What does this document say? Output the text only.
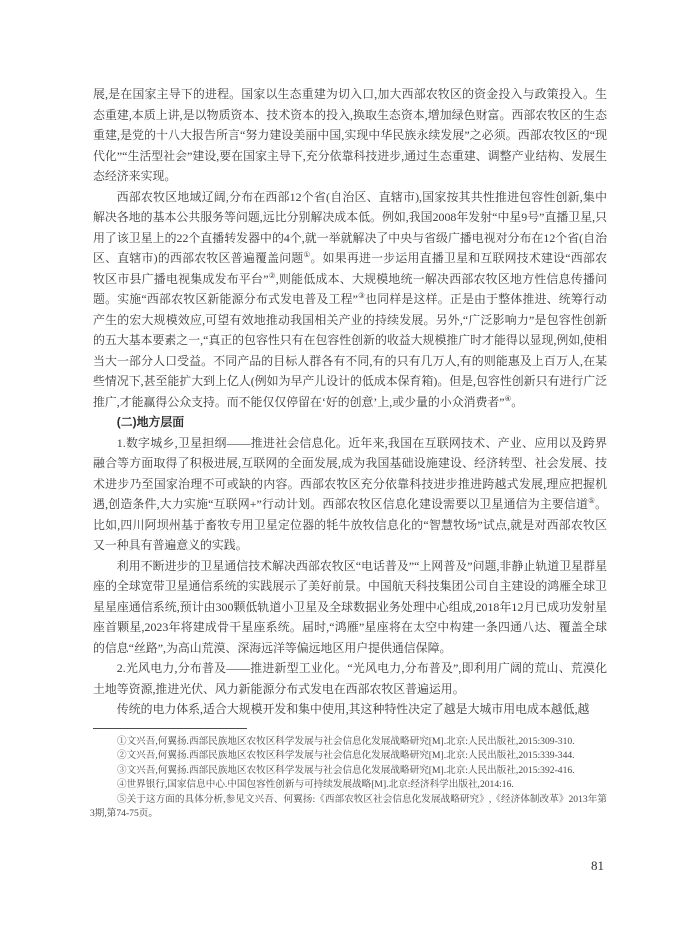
展,是在国家主导下的进程。国家以生态重建为切入口,加大西部农牧区的资金投入与政策投入。生态重建,本质上讲,是以物质资本、技术资本的投入,换取生态资本,增加绿色财富。西部农牧区的生态重建,是党的十八大报告所言“努力建设美丽中国,实现中华民族永续发展”之必须。西部农牧区的“现代化”“生活型社会”建设,要在国家主导下,充分依靠科技进步,通过生态重建、调整产业结构、发展生态经济来实现。

西部农牧区地域辽阔,分布在西部12个省(自治区、直辖市),国家按其共性推进包容性创新,集中解决各地的基本公共服务等问题,远比分别解决成本低。例如,我国2008年发射“中星9号”直播卫星,只用了该卫星上的22个直播转发器中的4个,就一举就解决了中央与省级广播电视对分布在12个省(自治区、直辖市)的西部农牧区普遍覆盖问题①。如果再进一步运用直播卫星和互联网技术建设“西部农牧区市县广播电视集成发布平台”②,则能低成本、大规模地统一解决西部农牧区地方性信息传播问题。实施“西部农牧区新能源分布式发电普及工程”③也同样是这样。正是由于整体推进、统筹行动产生的宏大规模效应,可望有效地推动我国相关产业的持续发展。另外,“广泛影响力”是包容性创新的五大基本要素之一,“真正的包容性只有在包容性创新的收益大规模推广时才能得以显现,例如,使相当大一部分人口受益。不同产品的目标人群各有不同,有的只有几万人,有的则能惠及上百万人,在某些情况下,甚至能扩大到上亿人(例如为早产儿设计的低成本保育箱)。但是,包容性创新只有进行广泛推广,才能赢得公众支持。而不能仅仅停留在‘好的创意’上,或少量的小众消费者”④。

(二)地方层面

1.数字城乡,卫星担纲——推进社会信息化。近年来,我国在互联网技术、产业、应用以及跨界融合等方面取得了积极进展,互联网的全面发展,成为我国基础设施建设、经济转型、社会发展、技术进步乃至国家治理不可或缺的内容。西部农牧区充分依靠科技进步推进跨越式发展,理应把握机遇,创造条件,大力实施“互联网+”行动计划。西部农牧区信息化建设需要以卫星通信为主要信道⑤。比如,四川阿坝州基于畜牧专用卫星定位器的牦牛放牧信息化的“智慧牧场”试点,就是对西部农牧区又一种具有普遍意义的实践。

利用不断进步的卫星通信技术解决西部农牧区“电话普及”“上网普及”问题,非静止轨道卫星群星座的全球宽带卫星通信系统的实践展示了美好前景。中国航天科技集团公司自主建设的鸿雁全球卫星星座通信系统,预计由300颗低轨道小卫星及全球数据业务处理中心组成,2018年12月已成功发射星座首颗星,2023年将建成骨干星座系统。届时,“鸿雁”星座将在太空中构建一条四通八达、覆盖全球的信息“丝路”,为高山荒漠、深海远洋等偏远地区用户提供通信保障。

2.光风电力,分布普及——推进新型工业化。“光风电力,分布普及”,即利用广阔的荒山、荒漠化土地等资源,推进光伏、风力新能源分布式发电在西部农牧区普遍运用。

传统的电力体系,适合大规模开发和集中使用,其这种特性决定了越是大城市用电成本越低,越

①文兴吾,何翼扬.西部民族地区农牧区科学发展与社会信息化发展战略研究[M].北京:人民出版社,2015:309-310.

②文兴吾,何翼扬.西部民族地区农牧区科学发展与社会信息化发展战略研究[M].北京:人民出版社,2015:339-344.

③文兴吾,何翼扬.西部民族地区农牧区科学发展与社会信息化发展战略研究[M].北京:人民出版社,2015:392-416.

④世界银行,国家信息中心.中国包容性创新与可持续发展战略[M].北京:经济科学出版社,2014:16.

⑤关于这方面的具体分析,参见文兴吾、何翼扬:《西部农牧区社会信息化发展战略研究》,《经济体制改革》2013年第3期,第74-75页。

81
